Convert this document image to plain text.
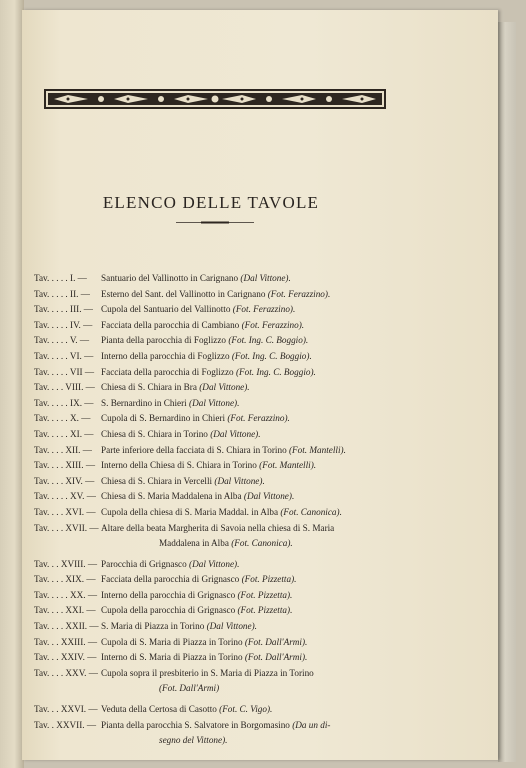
ELENCO DELLE TAVOLE
Tav. . . . . I. —	Santuario del Vallinotto in Carignano (Dal Vittone).
Tav. . . . . II. —	Esterno del Sant. del Vallinotto in Carignano (Fot. Ferazzino).
Tav. . . . . III. — Cupola del Santuario del Vallinotto (Fot. Ferazzino).
Tav. . . . . IV. — Facciata della parocchia di Cambiano (Fot. Ferazzino).
Tav. . . . . V. —	Pianta della parocchia di Foglizzo (Fot. Ing. C. Boggio).
Tav. . . . . VI. — Interno della parocchia di Foglizzo (Fot. Ing. C. Boggio).
Tav. . . . . VII — Facciata della parocchia di Foglizzo (Fot. Ing. C. Boggio).
Tav. . . . VIII. — Chiesa di S. Chiara in Bra (Dal Vittone).
Tav. . . . . IX. — S. Bernardino in Chieri (Dal Vittone).
Tav. . . . . X. —	Cupola di S. Bernardino in Chieri (Fot. Ferazzino).
Tav. . . . . XI. — Chiesa di S. Chiara in Torino (Dal Vittone).
Tav. . . . XII. — Parte inferiore della facciata di S. Chiara in Torino (Fot. Mantelli).
Tav. . . . XIII. — Interno della Chiesa di S. Chiara in Torino (Fot. Mantelli).
Tav. . . . XIV. — Chiesa di S. Chiara in Vercelli (Dal Vittone).
Tav. . . . . XV. — Chiesa di S. Maria Maddalena in Alba (Dal Vittone).
Tav. . . . XVI. — Cupola della chiesa di S. Maria Maddal. in Alba (Fot. Canonica).
Tav. . . . XVII. — Altare della beata Margherita di Savoia nella chiesa di S. Maria
Maddalena in Alba (Fot. Canonica).
Tav. . . XVIII. — Parocchia di Grignasco (Dal Vittone).
Tav. . . . XIX. — Facciata della parocchia di Grignasco (Fot. Pizzetta).
Tav. . . . . XX. — Interno della parocchia di Grignasco (Fot. Pizzetta).
Tav. . . . XXI. — Cupola della parocchia di Grignasco (Fot. Pizzetta).
Tav. . . . XXII. — S. Maria di Piazza in Torino (Dal Vittone).
Tav. . . XXIII. — Cupola di S. Maria di Piazza in Torino (Fot. Dall'Armi).
Tav. . . XXIV. — Interno di S. Maria di Piazza in Torino (Fot. Dall'Armi).
Tav. . . . XXV. — Cupola sopra il presbiterio in S. Maria di Piazza in Torino
(Fot. Dall'Armi)
Tav. . . XXVI. — Veduta della Certosa di Casotto (Fot. C. Vigo).
Tav. . XXVII. — Pianta della parocchia S. Salvatore in Borgomasino (Da un di-
segno del Vittone).
